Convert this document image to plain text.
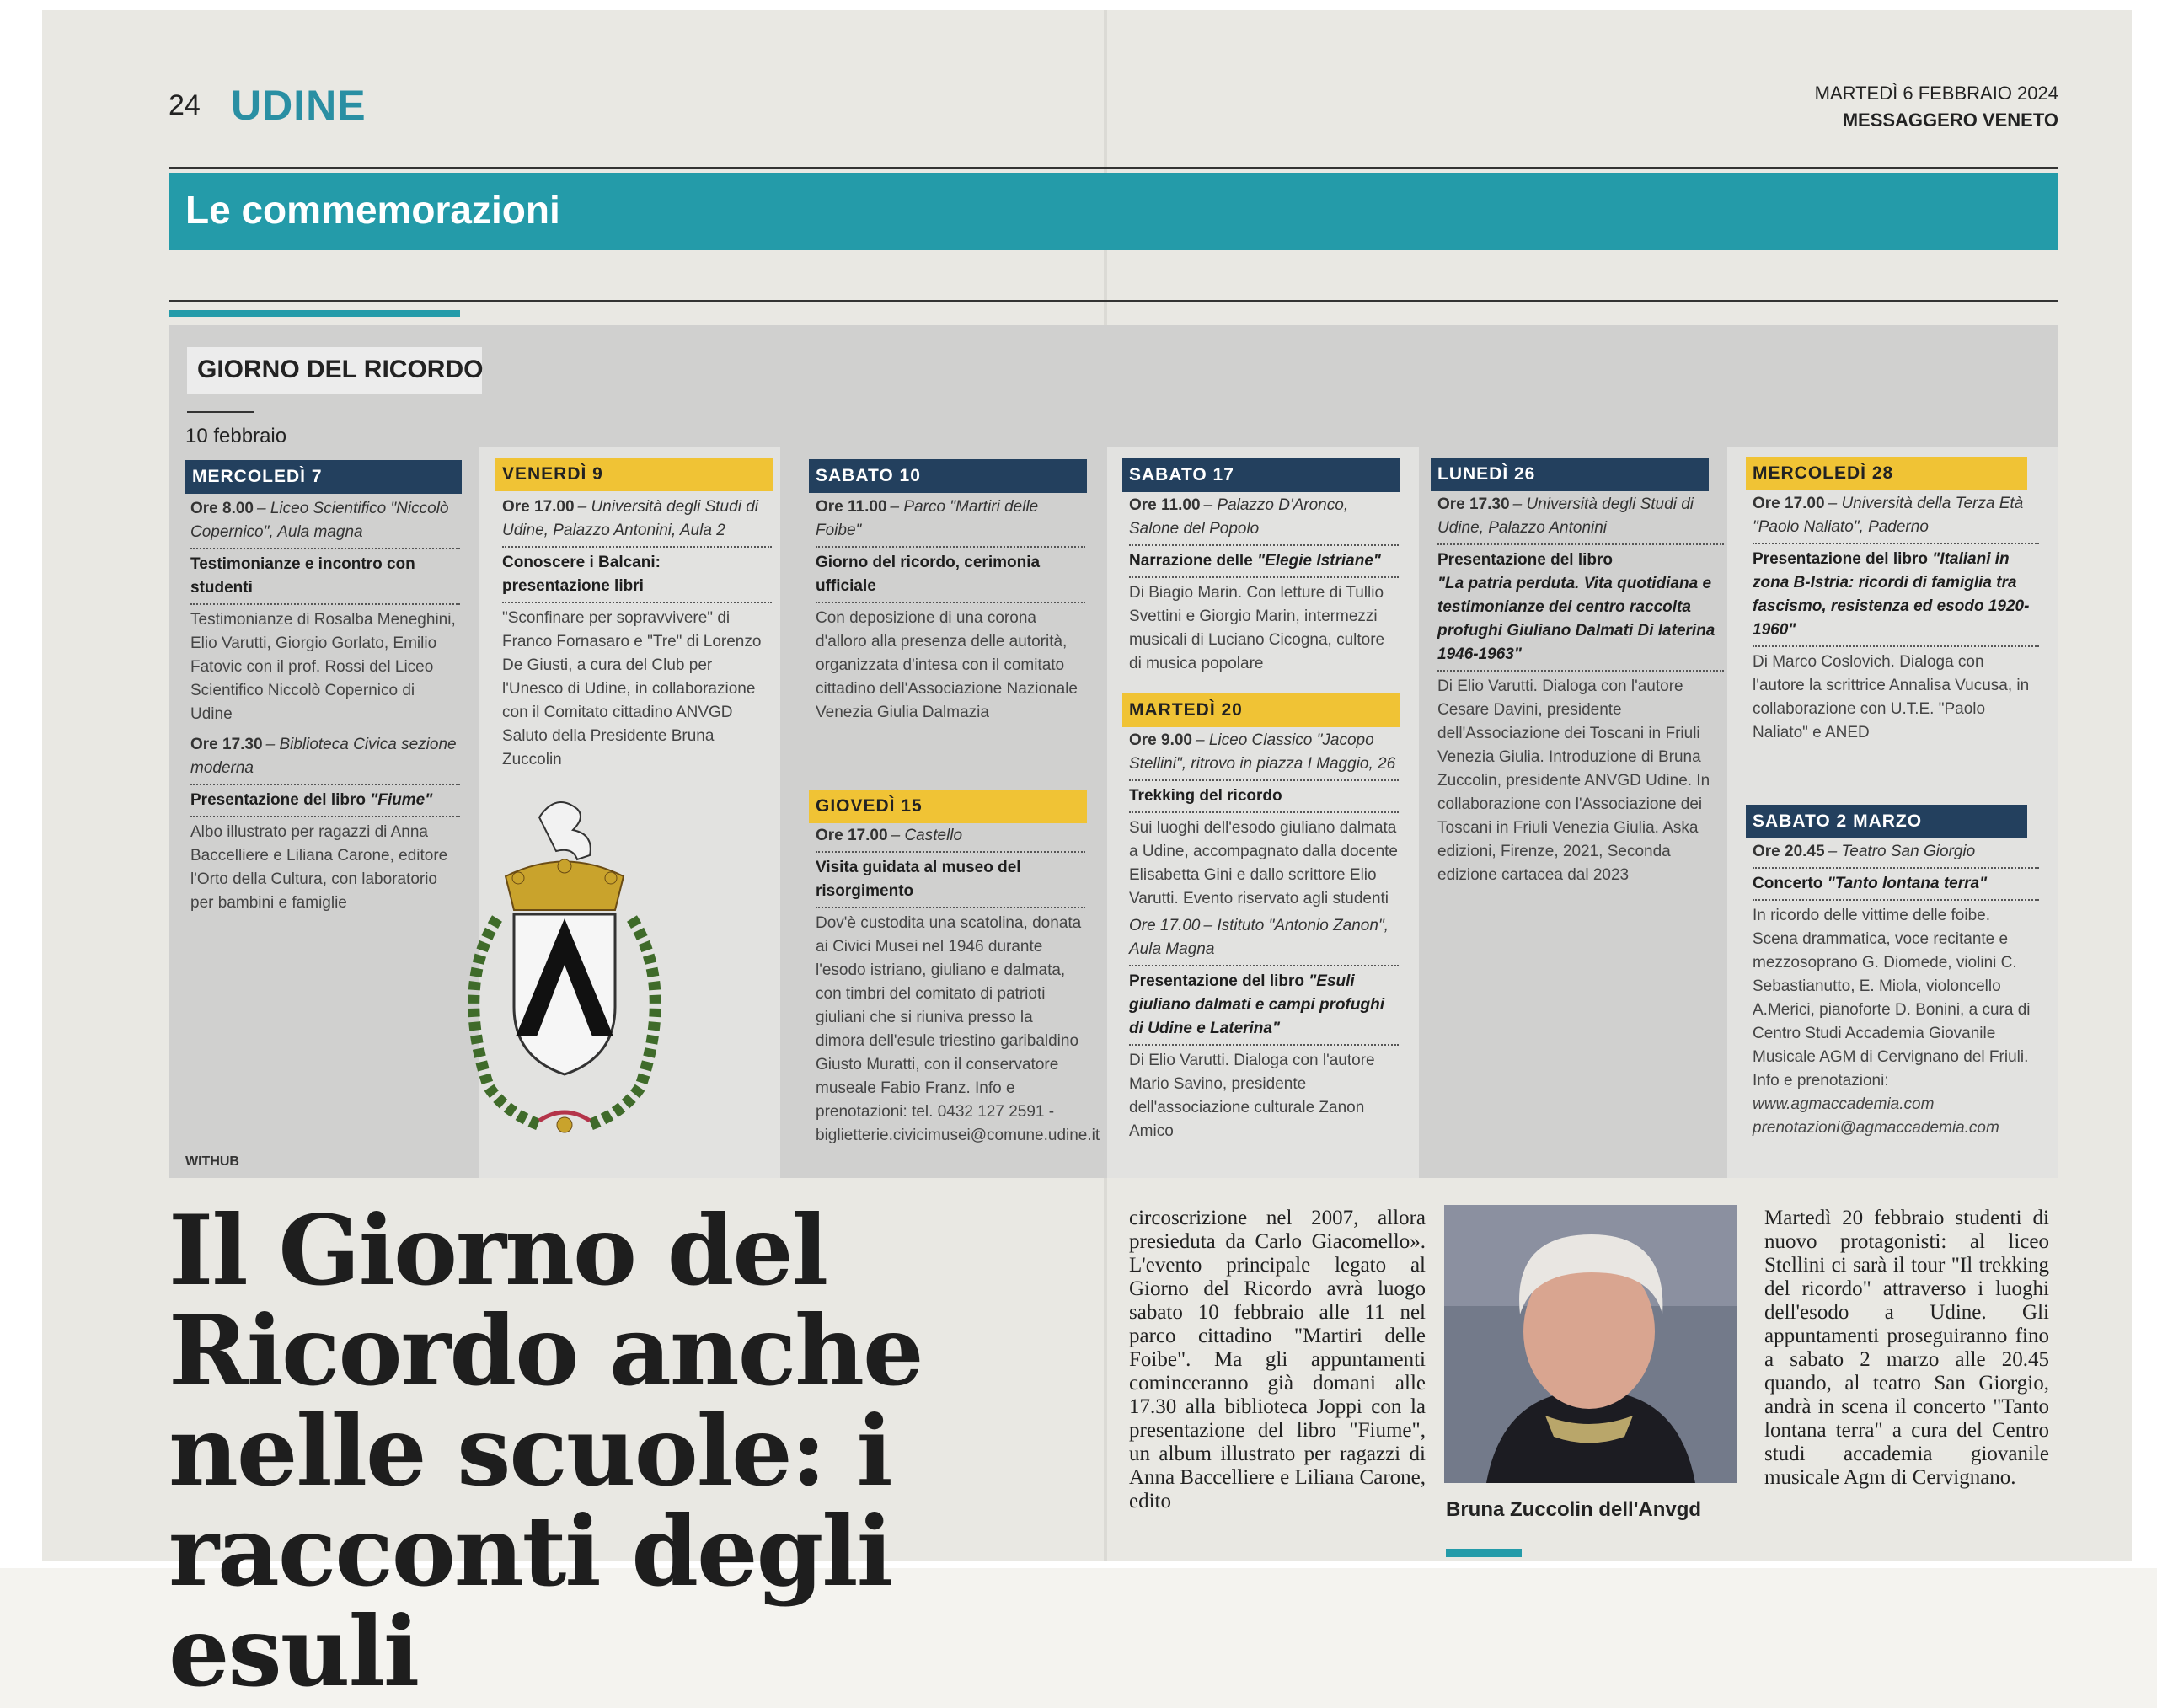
24 UDINE	MARTEDÌ 6 FEBBRAIO 2024
MESSAGGERO VENETO
Le commemorazioni
GIORNO DEL RICORDO
10 febbraio
MERCOLEDÌ 7
Ore 8.00 – Liceo Scientifico "Niccolò Copernico", Aula magna
Testimonianze e incontro con studenti
Testimonianze di Rosalba Meneghini, Elio Varutti, Giorgio Gorlato, Emilio Fatovic con il prof. Rossi del Liceo Scientifico Niccolò Copernico di Udine
Ore 17.30 – Biblioteca Civica sezione moderna
Presentazione del libro "Fiume"
Albo illustrato per ragazzi di Anna Baccelliere e Liliana Carone, editore l'Orto della Cultura, con laboratorio per bambini e famiglie
VENERDÌ 9
Ore 17.00 – Università degli Studi di Udine, Palazzo Antonini, Aula 2
Conoscere i Balcani: presentazione libri
"Sconfinare per sopravvivere" di Franco Fornasaro e "Tre" di Lorenzo De Giusti, a cura del Club per l'Unesco di Udine, in collaborazione con il Comitato cittadino ANVGD Saluto della Presidente Bruna Zuccolin
WITHUB
SABATO 10
Ore 11.00 – Parco "Martiri delle Foibe"
Giorno del ricordo, cerimonia ufficiale
Con deposizione di una corona d'alloro alla presenza delle autorità, organizzata d'intesa con il comitato cittadino dell'Associazione Nazionale Venezia Giulia Dalmazia
GIOVEDÌ 15
Ore 17.00 – Castello
Visita guidata al museo del risorgimento
Dov'è custodita una scatolina, donata ai Civici Musei nel 1946 durante l'esodo istriano, giuliano e dalmata, con timbri del comitato di patrioti giuliani che si riuniva presso la dimora dell'esule triestino garibaldino Giusto Muratti, con il conservatore museale Fabio Franz. Info e prenotazioni: tel. 0432 127 2591 - biglietterie.civicimusei@comune.udine.it
SABATO 17
Ore 11.00 – Palazzo D'Aronco, Salone del Popolo
Narrazione delle "Elegie Istriane"
Di Biagio Marin. Con letture di Tullio Svettini e Giorgio Marin, intermezzi musicali di Luciano Cicogna, cultore di musica popolare
MARTEDÌ 20
Ore 9.00 – Liceo Classico "Jacopo Stellini", ritrovo in piazza I Maggio, 26
Trekking del ricordo
Sui luoghi dell'esodo giuliano dalmata a Udine, accompagnato dalla docente Elisabetta Gini e dallo scrittore Elio Varutti. Evento riservato agli studenti
Ore 17.00 – Istituto "Antonio Zanon", Aula Magna
Presentazione del libro "Esuli giuliano dalmati e campi profughi di Udine e Laterina"
Di Elio Varutti. Dialoga con l'autore Mario Savino, presidente dell'associazione culturale Zanon Amico
LUNEDÌ 26
Ore 17.30 – Università degli Studi di Udine, Palazzo Antonini
Presentazione del libro
"La patria perduta. Vita quotidiana e testimonianze del centro raccolta profughi Giuliano Dalmati Di laterina 1946-1963"
Di Elio Varutti. Dialoga con l'autore Cesare Davini, presidente dell'Associazione dei Toscani in Friuli Venezia Giulia. Introduzione di Bruna Zuccolin, presidente ANVGD Udine. In collaborazione con l'Associazione dei Toscani in Friuli Venezia Giulia. Aska edizioni, Firenze, 2021, Seconda edizione cartacea dal 2023
MERCOLEDÌ 28
Ore 17.00 – Università della Terza Età "Paolo Naliato", Paderno
Presentazione del libro "Italiani in zona B-Istria: ricordi di famiglia tra fascismo, resistenza ed esodo 1920-1960"
Di Marco Coslovich. Dialoga con l'autore la scrittrice Annalisa Vucusa, in collaborazione con U.T.E. "Paolo Naliato" e ANED
SABATO 2 MARZO
Ore 20.45 – Teatro San Giorgio
Concerto "Tanto lontana terra"
In ricordo delle vittime delle foibe. Scena drammatica, voce recitante e mezzosoprano G. Diomede, violini C. Sebastianutto, E. Miola, violoncello A.Merici, pianoforte D. Bonini, a cura di Centro Studi Accademia Giovanile Musicale AGM di Cervignano del Friuli. Info e prenotazioni:
www.agmaccademia.com prenotazioni@agmaccademia.com
Il Giorno del Ricordo anche nelle scuole: i racconti degli esuli
circoscrizione nel 2007, allora presieduta da Carlo Giacomello». L'evento principale legato al Giorno del Ricordo avrà luogo sabato 10 febbraio alle 11 nel parco cittadino "Martiri delle Foibe". Ma gli appuntamenti cominceranno già domani alle 17.30 alla biblioteca Joppi con la presentazione del libro "Fiume", un album illustrato per ragazzi di Anna Baccelliere e Liliana Carone, edito	Bruna Zuccolin dell'Anvgd
Martedì 20 febbraio studenti di nuovo protagonisti: al liceo Stellini ci sarà il tour "Il trekking del ricordo" attraverso i luoghi dell'esodo a Udine. Gli appuntamenti proseguiranno fino a sabato 2 marzo alle 20.45 quando, al teatro San Giorgio, andrà in scena il concerto "Tanto lontana terra" a cura del Centro studi accademia giovanile musicale Agm di Cervignano.
